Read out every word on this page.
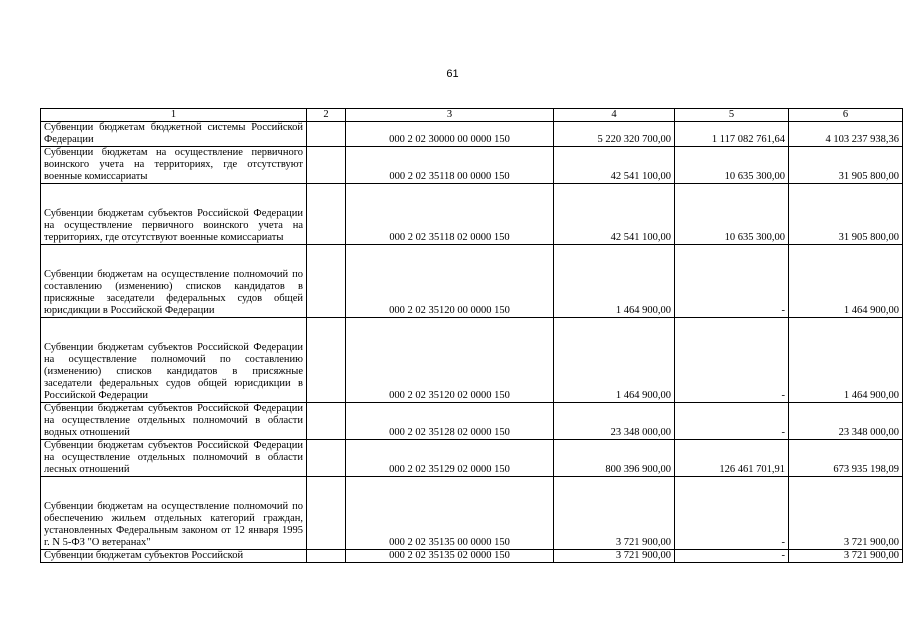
61
1	2	3	4	5	6
Субвенции бюджетам бюджетной системы Российской Федерации		000 2 02 30000 00 0000 150	5 220 320 700,00	1 117 082 761,64	4 103 237 938,36
Субвенции бюджетам на осуществление первичного воинского учета на территориях, где отсутствуют военные комиссариаты		000 2 02 35118 00 0000 150	42 541 100,00	10 635 300,00	31 905 800,00
Субвенции бюджетам субъектов Российской Федерации на осуществление первичного воинского учета на территориях, где отсутствуют военные комиссариаты		000 2 02 35118 02 0000 150	42 541 100,00	10 635 300,00	31 905 800,00
Субвенции бюджетам на осуществление полномочий по составлению (изменению) списков кандидатов в присяжные заседатели федеральных судов общей юрисдикции в Российской Федерации		000 2 02 35120 00 0000 150	1 464 900,00	-	1 464 900,00
Субвенции бюджетам субъектов Российской Федерации на осуществление полномочий по составлению (изменению) списков кандидатов в присяжные заседатели федеральных судов общей юрисдикции в Российской Федерации		000 2 02 35120 02 0000 150	1 464 900,00	-	1 464 900,00
Субвенции бюджетам субъектов Российской Федерации на осуществление отдельных полномочий в области водных отношений		000 2 02 35128 02 0000 150	23 348 000,00	-	23 348 000,00
Субвенции бюджетам субъектов Российской Федерации на осуществление отдельных полномочий в области лесных отношений		000 2 02 35129 02 0000 150	800 396 900,00	126 461 701,91	673 935 198,09
Субвенции бюджетам на осуществление полномочий по обеспечению жильем отдельных категорий граждан, установленных Федеральным законом от 12 января 1995 г. N 5-ФЗ "О ветеранах"		000 2 02 35135 00 0000 150	3 721 900,00	-	3 721 900,00
Субвенции бюджетам субъектов Российской		000 2 02 35135 02 0000 150	3 721 900,00	-	3 721 900,00
